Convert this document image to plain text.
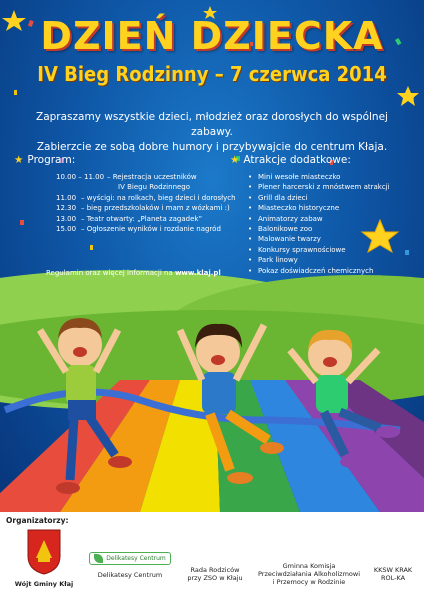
DZIEŃ DZIECKA
IV Bieg Rodzinny – 7 czerwca 2014
Zapraszamy wszystkie dzieci, młodzież oraz dorosłych do wspólnej zabawy.
Zabierzcie ze sobą dobre humory i przybywajcie do centrum Kłaja.
★ Program:
10.00 – 11.00 – Rejestracja uczestników
IV Biegu Rodzinnego
11.00 – wyścigi: na rolkach, bieg dzieci i dorosłych
12.30 – bieg przedszkolaków i mam z wózkami :)
13.00 – Teatr otwarty: „Planeta zagadek”
15.00 – Ogłoszenie wyników i rozdanie nagród
Regulamin oraz więcej informacji na www.klaj.pl
★ Atrakcje dodatkowe:
• Mini wesołe miasteczko
• Plener harcerski z mnóstwem atrakcji
• Grill dla dzieci
• Miasteczko historyczne
• Animatorzy zabaw
• Balonikowe zoo
• Malowanie twarzy
• Konkursy sprawnościowe
• Park linowy
• Pokaz doświadczeń chemicznych
Organizatorzy:
Wójt Gminy Kłaj
Delikatesy Centrum
Delikatesy Centrum
Rada Rodziców
przy ZSO w Kłaju
Gminna Komisja
Przeciwdziałania Alkoholizmowi
i Przemocy w Rodzinie
KKSW KRAK
ROL-KA
